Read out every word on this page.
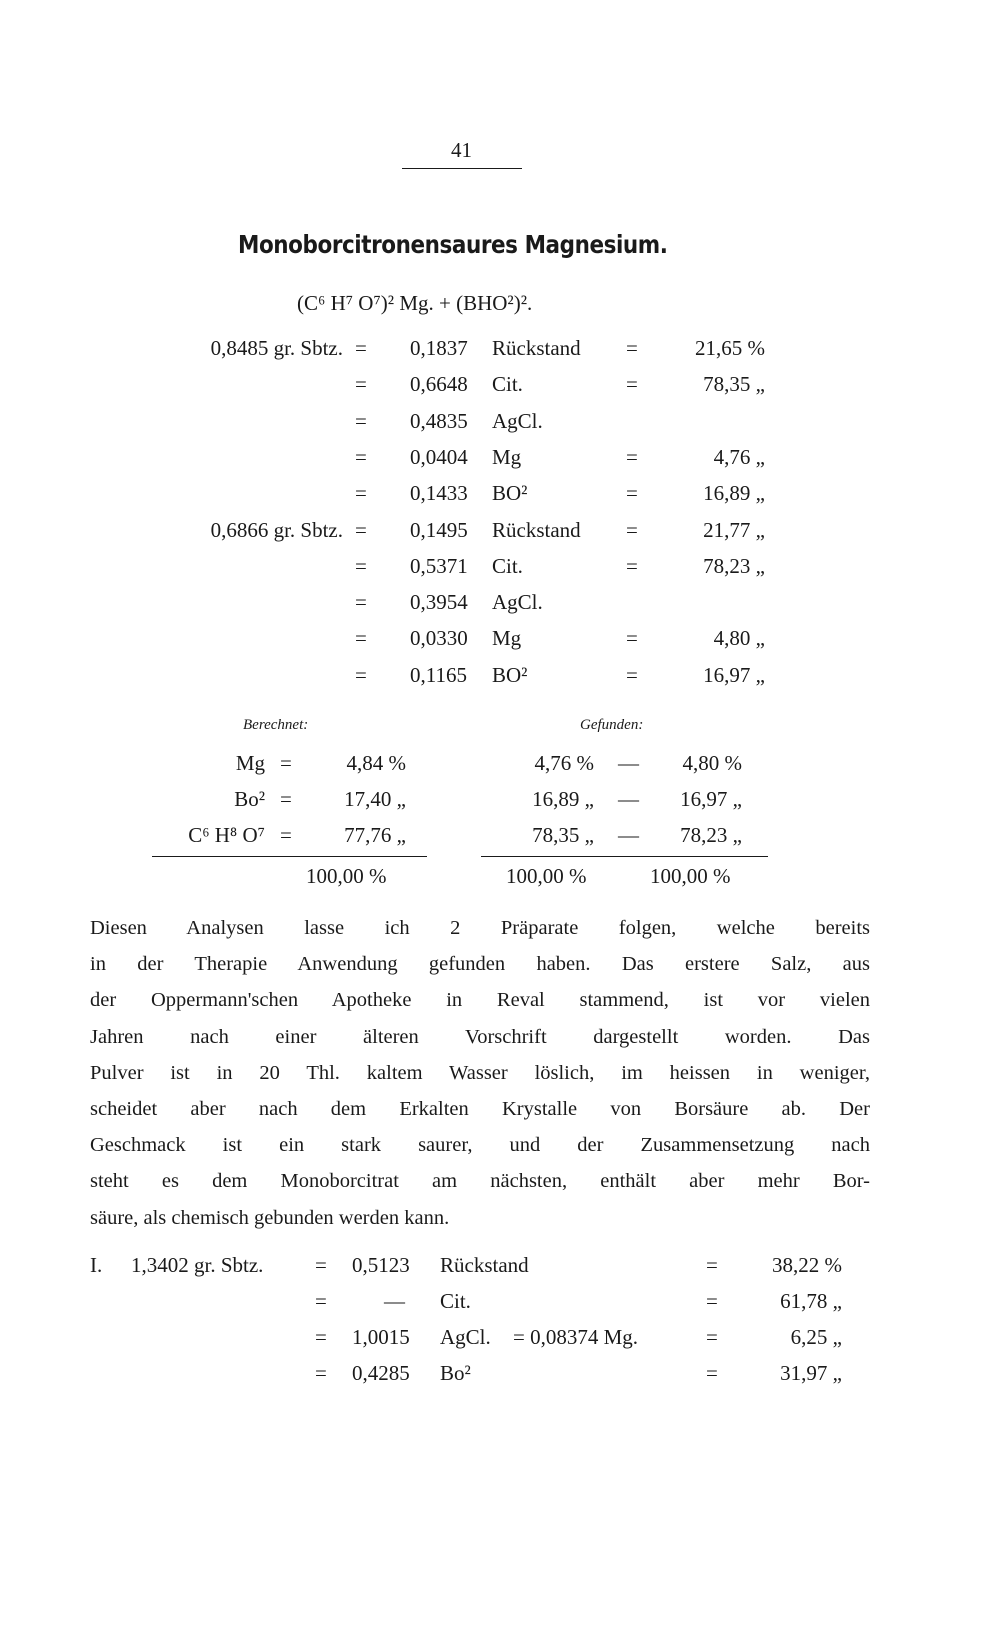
41
Monoborcitronensaures Magnesium.
(C⁶ H⁷ O⁷)² Mg. + (BHO²)².
0,8485 gr. Sbtz. = 0,1837 Rückstand =	21,65 %
= 0,6648 Cit.	=	78,35 „
= 0,4835 AgCl.
= 0,0404 Mg	=	4,76 „
= 0,1433 BO²	=	16,89 „
0,6866 gr. Sbtz. = 0,1495 Rückstand =	21,77 „
= 0,5371 Cit.	=	78,23 „
= 0,3954 AgCl.
= 0,0330 Mg	=	4,80 „
= 0,1165 BO²	=	16,97 „
Berechnet:	Gefunden:
Mg =	4,84 %	4,76 % — 4,80 %
Bo² = 17,40 „	16,89 „ — 16,97 „
C⁶ H⁸ O⁷ = 77,76 „	78,35 „ — 78,23 „
100,00 %	100,00 %	100,00 %
Diesen Analysen lasse ich 2 Präparate folgen, welche bereits
in der Therapie Anwendung gefunden haben. Das erstere Salz, aus
der Oppermann'schen Apotheke in Reval stammend, ist vor vielen
Jahren nach einer älteren Vorschrift dargestellt worden. Das
Pulver ist in 20 Thl. kaltem Wasser löslich, im heissen in weniger,
scheidet aber nach dem Erkalten Krystalle von Borsäure ab. Der
Geschmack ist ein stark saurer, und der Zusammensetzung nach
steht es dem Monoborcitrat am nächsten, enthält aber mehr Bor-
säure, als chemisch gebunden werden kann.
I. 1,3402 gr. Sbtz. = 0,5123 Rückstand	=	38,22 %
=	— Cit.	=	61,78 „
= 1,0015 AgCl. = 0,08374 Mg.	=	6,25 „
= 0,4285 Bo²	=	31,97 „
